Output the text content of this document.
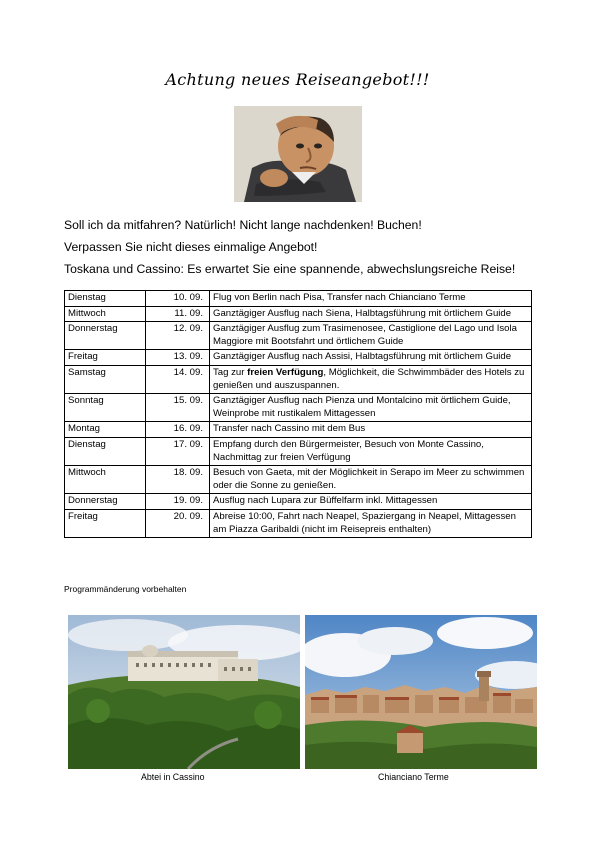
Achtung neues Reiseangebot!!!
Soll ich da mitfahren? Natürlich! Nicht lange nachdenken! Buchen!
Verpassen Sie nicht dieses einmalige Angebot!
Toskana und Cassino: Es erwartet Sie eine spannende, abwechslungsreiche Reise!
Dienstag	10. 09.	Flug von Berlin nach Pisa, Transfer nach Chianciano Terme
Mittwoch	11. 09.	Ganztägiger Ausflug nach Siena, Halbtagsführung mit örtlichem Guide
Donnerstag	12. 09.	Ganztägiger Ausflug zum Trasimenosee, Castiglione del Lago und Isola Maggiore mit Bootsfahrt und örtlichem Guide
Freitag	13. 09.	Ganztägiger Ausflug nach Assisi, Halbtagsführung mit örtlichem Guide
Samstag	14. 09.	Tag zur freien Verfügung, Möglichkeit, die Schwimmbäder des Hotels zu genießen und auszuspannen.
Sonntag	15. 09.	Ganztägiger Ausflug nach Pienza und Montalcino mit örtlichem Guide, Weinprobe mit rustikalem Mittagessen
Montag	16. 09.	Transfer nach Cassino mit dem Bus
Dienstag	17. 09.	Empfang durch den Bürgermeister, Besuch von Monte Cassino, Nachmittag zur freien Verfügung
Mittwoch	18. 09.	Besuch von Gaeta, mit der Möglichkeit in Serapo im Meer zu schwimmen oder die Sonne zu genießen.
Donnerstag	19. 09.	Ausflug nach Lupara zur Büffelfarm inkl. Mittagessen
Freitag	20. 09.	Abreise 10:00, Fahrt nach Neapel, Spaziergang in Neapel, Mittagessen am Piazza Garibaldi (nicht im Reisepreis enthalten)
Programmänderung vorbehalten
Abtei in Cassino	Chianciano Terme
